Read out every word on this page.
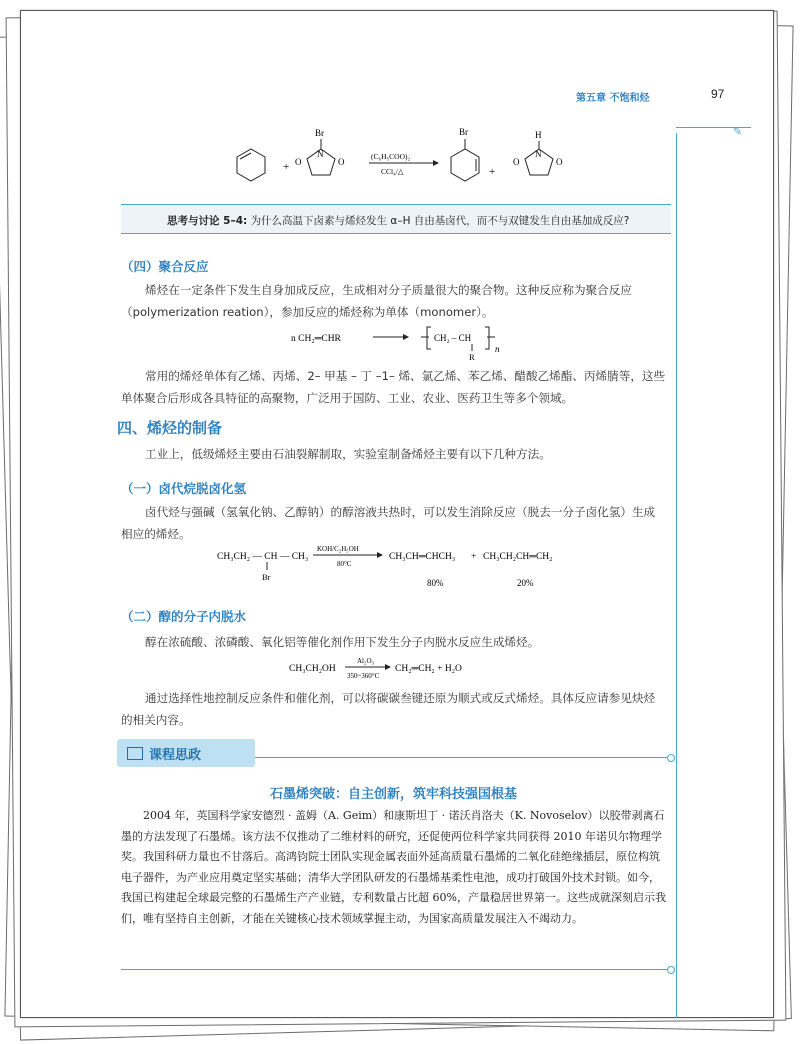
第五章 不饱和烃	97
✎
+
Br
N
O	O
(C₆H₅COO)₂
CCl₄/△
Br
+
H
N
O	O
思考与讨论 5–4: 为什么高温下卤素与烯烃发生 α–H 自由基卤代，而不与双键发生自由基加成反应?
（四）聚合反应
烯烃在一定条件下发生自身加成反应，生成相对分子质量很大的聚合物。这种反应称为聚合反应（polymerization reation），参加反应的烯烃称为单体（monomer）。
n CH₂═CHR	CH₂ – CH
R
n
常用的烯烃单体有乙烯、丙烯、2– 甲基 – 丁 –1– 烯、氯乙烯、苯乙烯、醋酸乙烯酯、丙烯腈等，这些单体聚合后形成各具特征的高聚物，广泛用于国防、工业、农业、医药卫生等多个领域。
四、烯烃的制备
工业上，低级烯烃主要由石油裂解制取，实验室制备烯烃主要有以下几种方法。
（一）卤代烷脱卤化氢
卤代烃与强碱（氢氧化钠、乙醇钠）的醇溶液共热时，可以发生消除反应（脱去一分子卤化氢）生成相应的烯烃。
CH₃CH₂ — CH — CH₃
Br
KOH/C₂H₅OH
80°C
CH₃CH═CHCH₃ + CH₃CH₂CH═CH₂
80%	20%
（二）醇的分子内脱水
醇在浓硫酸、浓磷酸、氧化铝等催化剂作用下发生分子内脱水反应生成烯烃。
CH₃CH₂OH
Al₂O₃
350~360°C
CH₂═CH₂ + H₂O
通过选择性地控制反应条件和催化剂，可以将碳碳叁键还原为顺式或反式烯烃。具体反应请参见炔烃的相关内容。
课程思政
石墨烯突破：自主创新，筑牢科技强国根基
2004 年，英国科学家安德烈 · 盖姆（A. Geim）和康斯坦丁 · 诺沃肖洛夫（K. Novoselov）以胶带剥离石墨的方法发现了石墨烯。该方法不仅推动了二维材料的研究，还促使两位科学家共同获得 2010 年诺贝尔物理学奖。我国科研力量也不甘落后。高鸿钧院士团队实现金属表面外延高质量石墨烯的二氧化硅绝缘插层，原位构筑电子器件，为产业应用奠定坚实基础；清华大学团队研发的石墨烯基柔性电池，成功打破国外技术封锁。如今，我国已构建起全球最完整的石墨烯生产产业链，专利数量占比超 60%，产量稳居世界第一。这些成就深刻启示我们，唯有坚持自主创新，才能在关键核心技术领域掌握主动，为国家高质量发展注入不竭动力。
